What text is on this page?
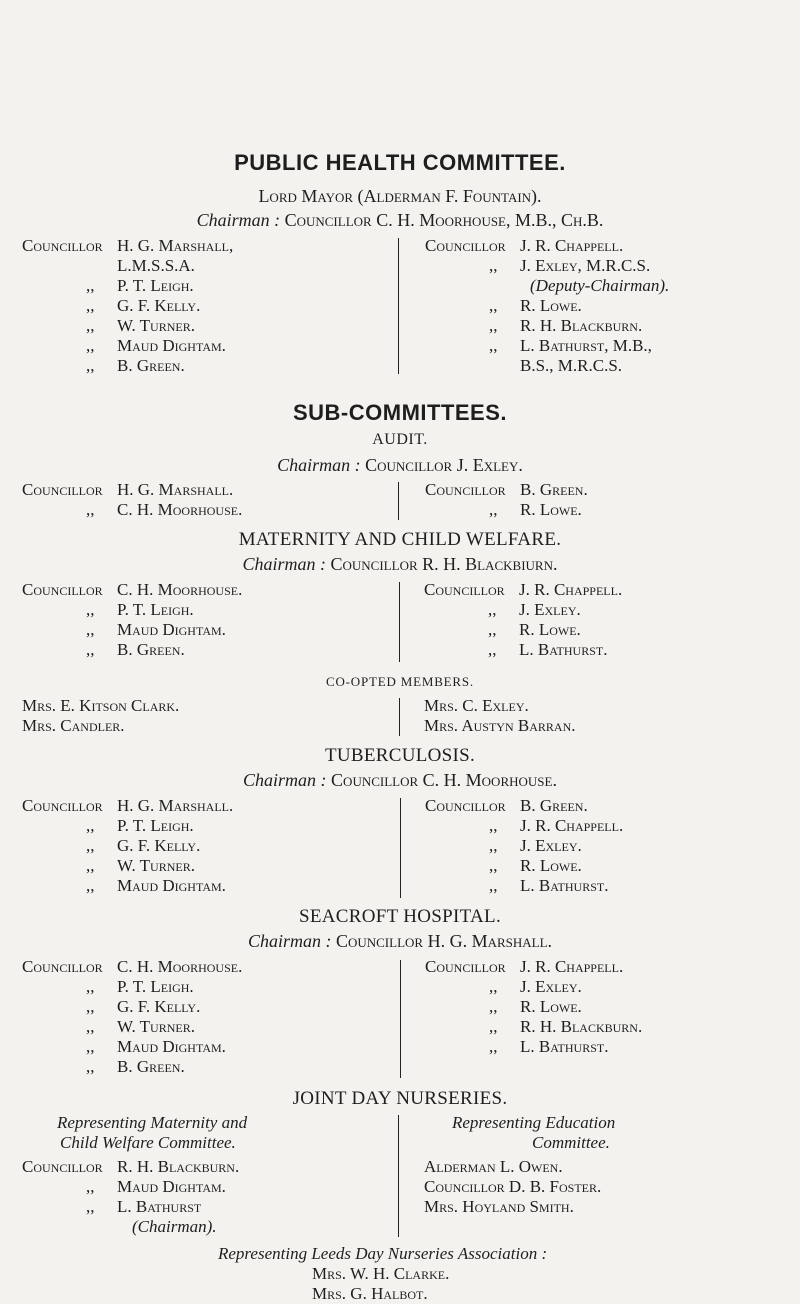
PUBLIC HEALTH COMMITTEE.
Lord Mayor (Alderman F. Fountain).
Chairman : Councillor C. H. Moorhouse, M.B., Ch.B.
Councillor H. G. Marshall,
L.M.S.S.A.
,, P. T. Leigh.
,, G. F. Kelly.
,, W. Turner.
,, Maud Dightam.
,, B. Green.
Councillor J. R. Chappell.
,, J. Exley, M.R.C.S.
(Deputy-Chairman).
,, R. Lowe.
,, R. H. Blackburn.
,, L. Bathurst, M.B.,
B.S., M.R.C.S.
SUB-COMMITTEES.
AUDIT.
Chairman : Councillor J. Exley.
Councillor H. G. Marshall.
,, C. H. Moorhouse.
Councillor B. Green.
,, R. Lowe.
MATERNITY AND CHILD WELFARE.
Chairman : Councillor R. H. Blackbiurn.
Councillor C. H. Moorhouse.
,, P. T. Leigh.
,, Maud Dightam.
,, B. Green.
Councillor J. R. Chappell.
,, J. Exley.
,, R. Lowe.
,, L. Bathurst.
CO-OPTED MEMBERS.
Mrs. E. Kitson Clark.
Mrs. Candler.
Mrs. C. Exley.
Mrs. Austyn Barran.
TUBERCULOSIS.
Chairman : Councillor C. H. Moorhouse.
Councillor H. G. Marshall.
,, P. T. Leigh.
,, G. F. Kelly.
,, W. Turner.
,, Maud Dightam.
Councillor B. Green.
,, J. R. Chappell.
,, J. Exley.
,, R. Lowe.
,, L. Bathurst.
SEACROFT HOSPITAL.
Chairman : Councillor H. G. Marshall.
Councillor C. H. Moorhouse.
,, P. T. Leigh.
,, G. F. Kelly.
,, W. Turner.
,, Maud Dightam.
,, B. Green.
Councillor J. R. Chappell.
,, J. Exley.
,, R. Lowe.
,, R. H. Blackburn.
,, L. Bathurst.
JOINT DAY NURSERIES.
Representing Maternity and
Child Welfare Committee.
Councillor R. H. Blackburn.
,, Maud Dightam.
,, L. Bathurst
(Chairman).
Representing Education
Committee.
Alderman L. Owen.
Councillor D. B. Foster.
Mrs. Hoyland Smith.
Representing Leeds Day Nurseries Association :
Mrs. W. H. Clarke.
Mrs. G. Halbot.
